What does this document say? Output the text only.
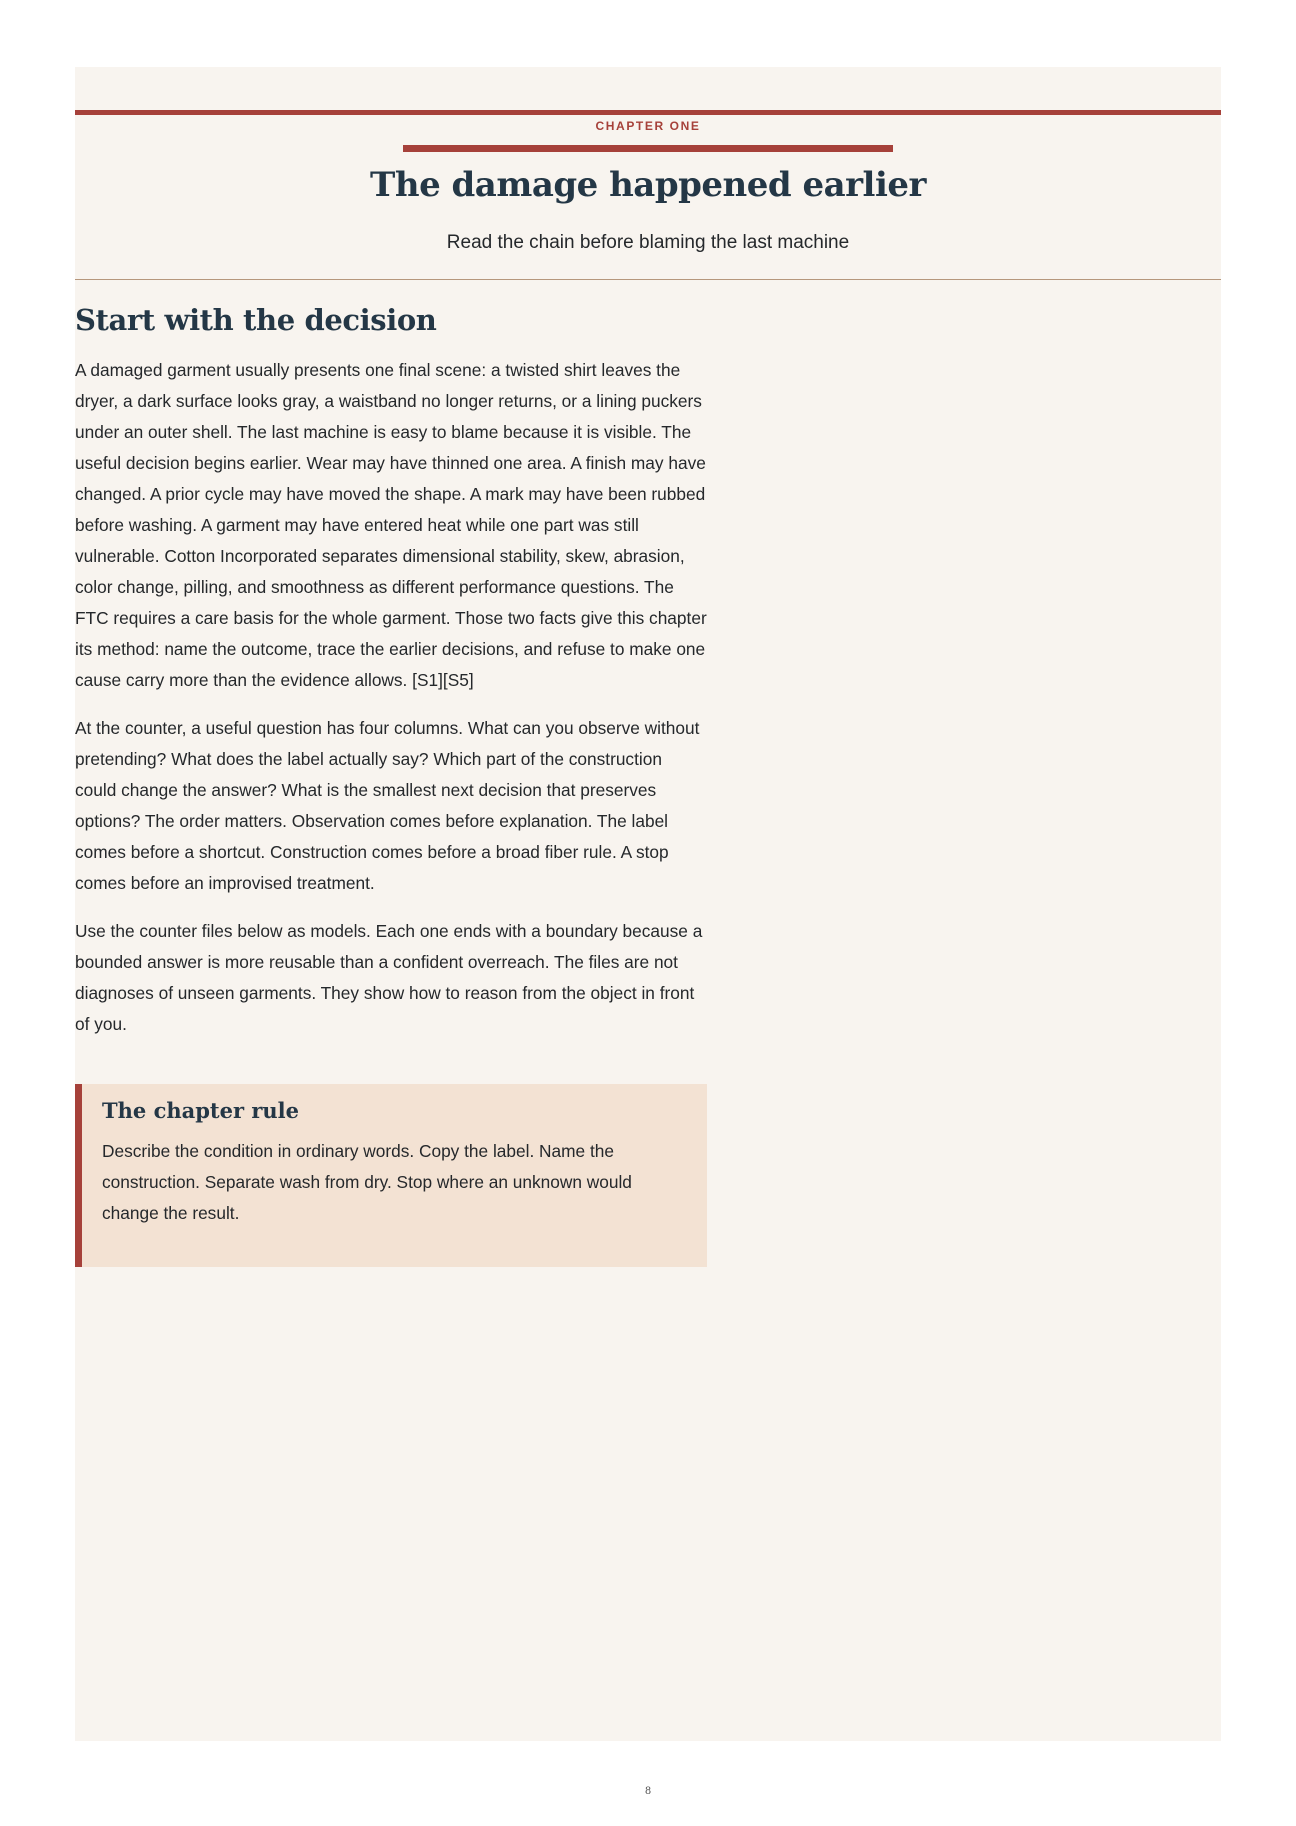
CHAPTER ONE
The damage happened earlier
Read the chain before blaming the last machine
Start with the decision

A damaged garment usually presents one final scene: a twisted shirt leaves the dryer, a dark surface looks gray, a waistband no longer returns, or a lining puckers under an outer shell. The last machine is easy to blame because it is visible. The useful decision begins earlier. Wear may have thinned one area. A finish may have changed. A prior cycle may have moved the shape. A mark may have been rubbed before washing. A garment may have entered heat while one part was still vulnerable. Cotton Incorporated separates dimensional stability, skew, abrasion, color change, pilling, and smoothness as different performance questions. The FTC requires a care basis for the whole garment. Those two facts give this chapter its method: name the outcome, trace the earlier decisions, and refuse to make one cause carry more than the evidence allows. [S1][S5]

At the counter, a useful question has four columns. What can you observe without pretending? What does the label actually say? Which part of the construction could change the answer? What is the smallest next decision that preserves options? The order matters. Observation comes before explanation. The label comes before a shortcut. Construction comes before a broad fiber rule. A stop comes before an improvised treatment.

Use the counter files below as models. Each one ends with a boundary because a bounded answer is more reusable than a confident overreach. The files are not diagnoses of unseen garments. They show how to reason from the object in front of you.

The chapter rule

Describe the condition in ordinary words. Copy the label. Name the construction. Separate wash from dry. Stop where an unknown would change the result.

8
